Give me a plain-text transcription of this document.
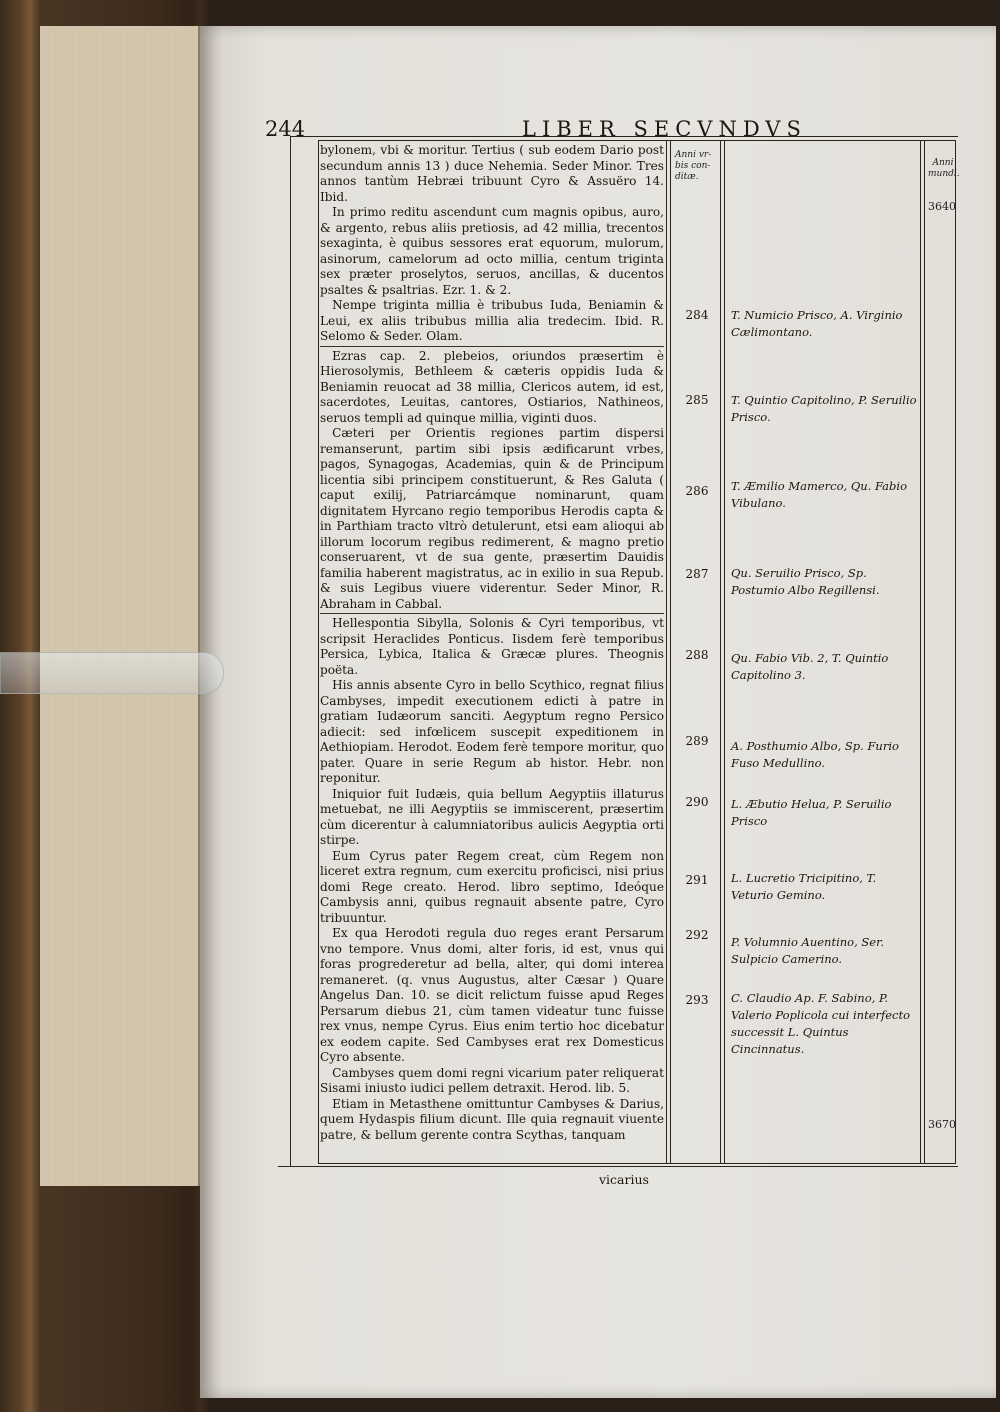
244	LIBER SECVNDVS
Anni vr- bis con- ditæ.
Anni mundi.
3640
3670

bylonem, vbi & moritur. Tertius ( sub eodem Dario post secundum annis 13 ) duce Nehemia. Seder Minor. Tres annos tantùm Hebræi tribuunt Cyro & Assuëro 14. Ibid.

In primo reditu ascendunt cum magnis opibus, auro, & argento, rebus aliis pretiosis, ad 42 millia, trecentos sexaginta, è quibus sessores erat equorum, mulorum, asinorum, camelorum ad octo millia, centum triginta sex præter proselytos, seruos, ancillas, & ducentos psaltes & psaltrias. Ezr. 1. & 2.

Nempe triginta millia è tribubus Iuda, Beniamin & Leui, ex aliis tribubus millia alia tredecim. Ibid. R. Selomo & Seder. Olam.

Ezras cap. 2. plebeios, oriundos præsertim è Hierosolymis, Bethleem & cæteris oppidis Iuda & Beniamin reuocat ad 38 millia, Clericos autem, id est, sacerdotes, Leuitas, cantores, Ostiarios, Nathineos, seruos templi ad quinque millia, viginti duos.

Cæteri per Orientis regiones partim dispersi remanserunt, partim sibi ipsis ædificarunt vrbes, pagos, Synagogas, Academias, quin & de Principum licentia sibi principem constituerunt, & Res Galuta ( caput exilij, Patriarcámque nominarunt, quam dignitatem Hyrcano regio temporibus Herodis capta & in Parthiam tracto vltrò detulerunt, etsi eam alioqui ab illorum locorum regibus redimerent, & magno pretio conseruarent, vt de sua gente, præsertim Dauidis familia haberent magistratus, ac in exilio in sua Repub. & suis Legibus viuere viderentur. Seder Minor, R. Abraham in Cabbal.

Hellespontia Sibylla, Solonis & Cyri temporibus, vt scripsit Heraclides Ponticus. Iisdem ferè temporibus Persica, Lybica, Italica & Græcæ plures. Theognis poëta.

His annis absente Cyro in bello Scythico, regnat filius Cambyses, impedit executionem edicti à patre in gratiam Iudæorum sanciti. Aegyptum regno Persico adiecit: sed infœlicem suscepit expeditionem in Aethiopiam. Herodot. Eodem ferè tempore moritur, quo pater. Quare in serie Regum ab histor. Hebr. non reponitur.

Iniquior fuit Iudæis, quia bellum Aegyptiis illaturus metuebat, ne illi Aegyptiis se immiscerent, præsertim cùm dicerentur à calumniatoribus aulicis Aegyptia orti stirpe.

Eum Cyrus pater Regem creat, cùm Regem non liceret extra regnum, cum exercitu proficisci, nisi prius domi Rege creato. Herod. libro septimo, Ideóque Cambysis anni, quibus regnauit absente patre, Cyro tribuuntur.

Ex qua Herodoti regula duo reges erant Persarum vno tempore. Vnus domi, alter foris, id est, vnus qui foras progrederetur ad bella, alter, qui domi interea remaneret. (q. vnus Augustus, alter Cæsar ) Quare Angelus Dan. 10. se dicit relictum fuisse apud Reges Persarum diebus 21, cùm tamen videatur tunc fuisse rex vnus, nempe Cyrus. Eius enim tertio hoc dicebatur ex eodem capite. Sed Cambyses erat rex Domesticus Cyro absente.

Cambyses quem domi regni vicarium pater reliquerat Sisami iniusto iudici pellem detraxit. Herod. lib. 5.

Etiam in Metasthene omittuntur Cambyses & Darius, quem Hydaspis filium dicunt. Ille quia regnauit viuente patre, & bellum gerente contra Scythas, tanquam

284	T. Numicio Prisco, A. Virginio Cælimontano.
285	T. Quintio Capitolino, P. Seruilio Prisco.
286	T. Æmilio Mamerco, Qu. Fabio Vibulano.
287	Qu. Seruilio Prisco, Sp. Postumio Albo Regillensi.
288	Qu. Fabio Vib. 2, T. Quintio Capitolino 3.
289	A. Posthumio Albo, Sp. Furio Fuso Medullino.
290	L. Æbutio Helua, P. Seruilio Prisco
291	L. Lucretio Tricipitino, T. Veturio Gemino.
292	P. Volumnio Auentino, Ser. Sulpicio Camerino.
293	C. Claudio Ap. F. Sabino, P. Valerio Poplicola cui interfecto successit L. Quintus Cincinnatus.
vicarius
